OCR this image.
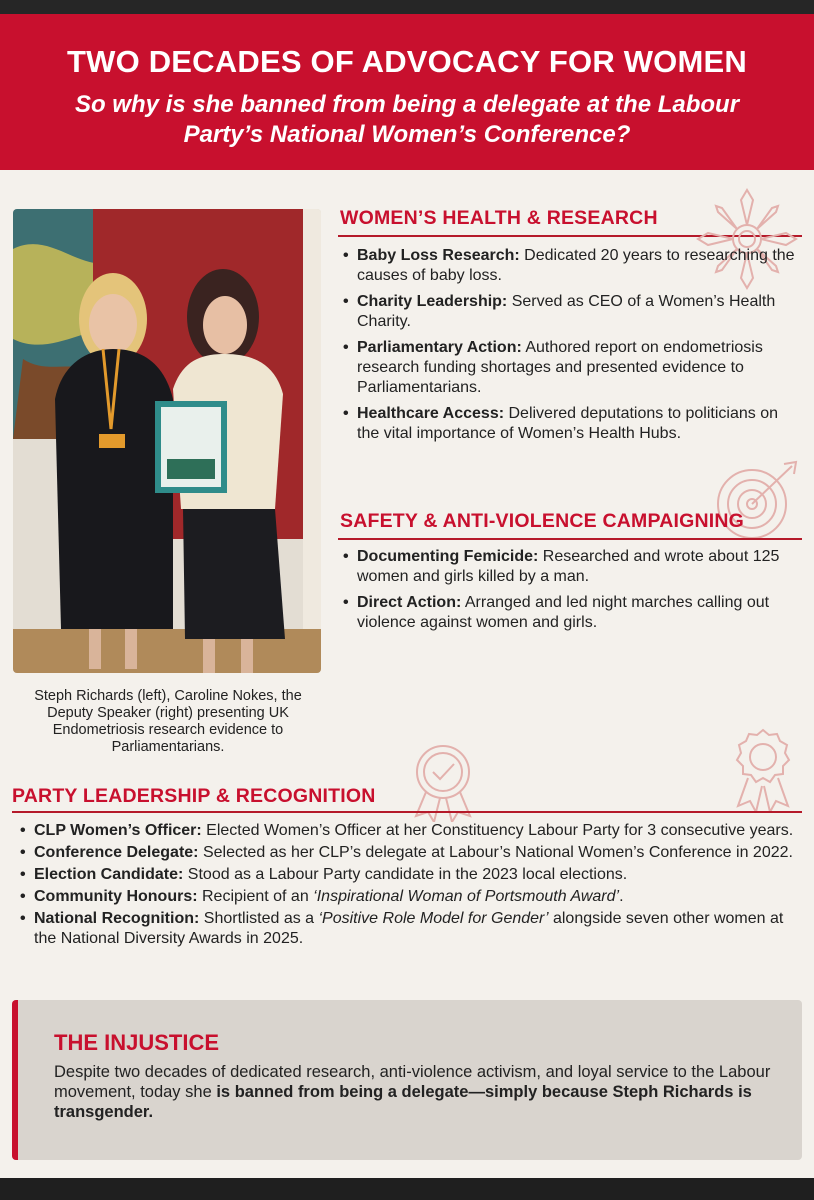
TWO DECADES OF ADVOCACY FOR WOMEN
So why is she banned from being a delegate at the Labour Party’s National Women’s Conference?
Steph Richards (left), Caroline Nokes, the Deputy Speaker (right) presenting UK Endometriosis research evidence to Parliamentarians.
WOMEN’S HEALTH & RESEARCH
• Baby Loss Research: Dedicated 20 years to researching the causes of baby loss.
• Charity Leadership: Served as CEO of a Women’s Health Charity.
• Parliamentary Action: Authored report on endometriosis research funding shortages and presented evidence to Parliamentarians.
• Healthcare Access: Delivered deputations to politicians on the vital importance of Women’s Health Hubs.
SAFETY & ANTI-VIOLENCE CAMPAIGNING
• Documenting Femicide: Researched and wrote about 125 women and girls killed by a man.
• Direct Action: Arranged and led night marches calling out violence against women and girls.
PARTY LEADERSHIP & RECOGNITION
• CLP Women’s Officer: Elected Women’s Officer at her Constituency Labour Party for 3 consecutive years.
• Conference Delegate: Selected as her CLP’s delegate at Labour’s National Women’s Conference in 2022.
• Election Candidate: Stood as a Labour Party candidate in the 2023 local elections.
• Community Honours: Recipient of an ‘Inspirational Woman of Portsmouth Award’.
• National Recognition: Shortlisted as a ‘Positive Role Model for Gender’ alongside seven other women at the National Diversity Awards in 2025.
THE INJUSTICE
Despite two decades of dedicated research, anti-violence activism, and loyal service to the Labour movement, today she is banned from being a delegate—simply because Steph Richards is transgender.
